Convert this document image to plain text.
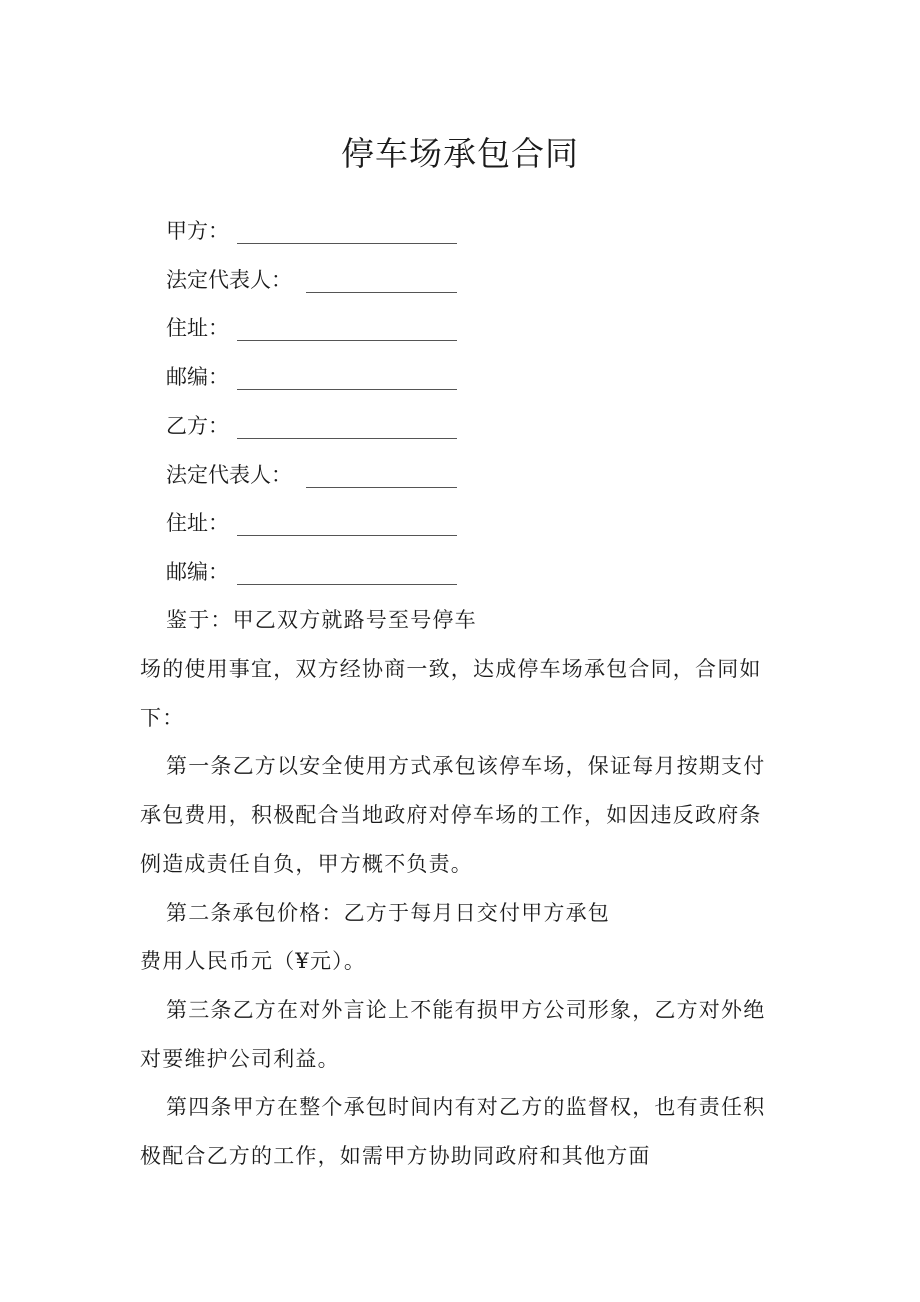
停车场承包合同
甲方：
法定代表人：
住址：
邮编：
乙方：
法定代表人：
住址：
邮编：
鉴于：甲乙双方就路号至号停车
场的使用事宜，双方经协商一致，达成停车场承包合同，合同如
下：
第一条乙方以安全使用方式承包该停车场，保证每月按期支付
承包费用，积极配合当地政府对停车场的工作，如因违反政府条
例造成责任自负，甲方概不负责。
第二条承包价格：乙方于每月日交付甲方承包
费用人民币元（¥元）。
第三条乙方在对外言论上不能有损甲方公司形象，乙方对外绝
对要维护公司利益。
第四条甲方在整个承包时间内有对乙方的监督权，也有责任积
极配合乙方的工作，如需甲方协助同政府和其他方面
